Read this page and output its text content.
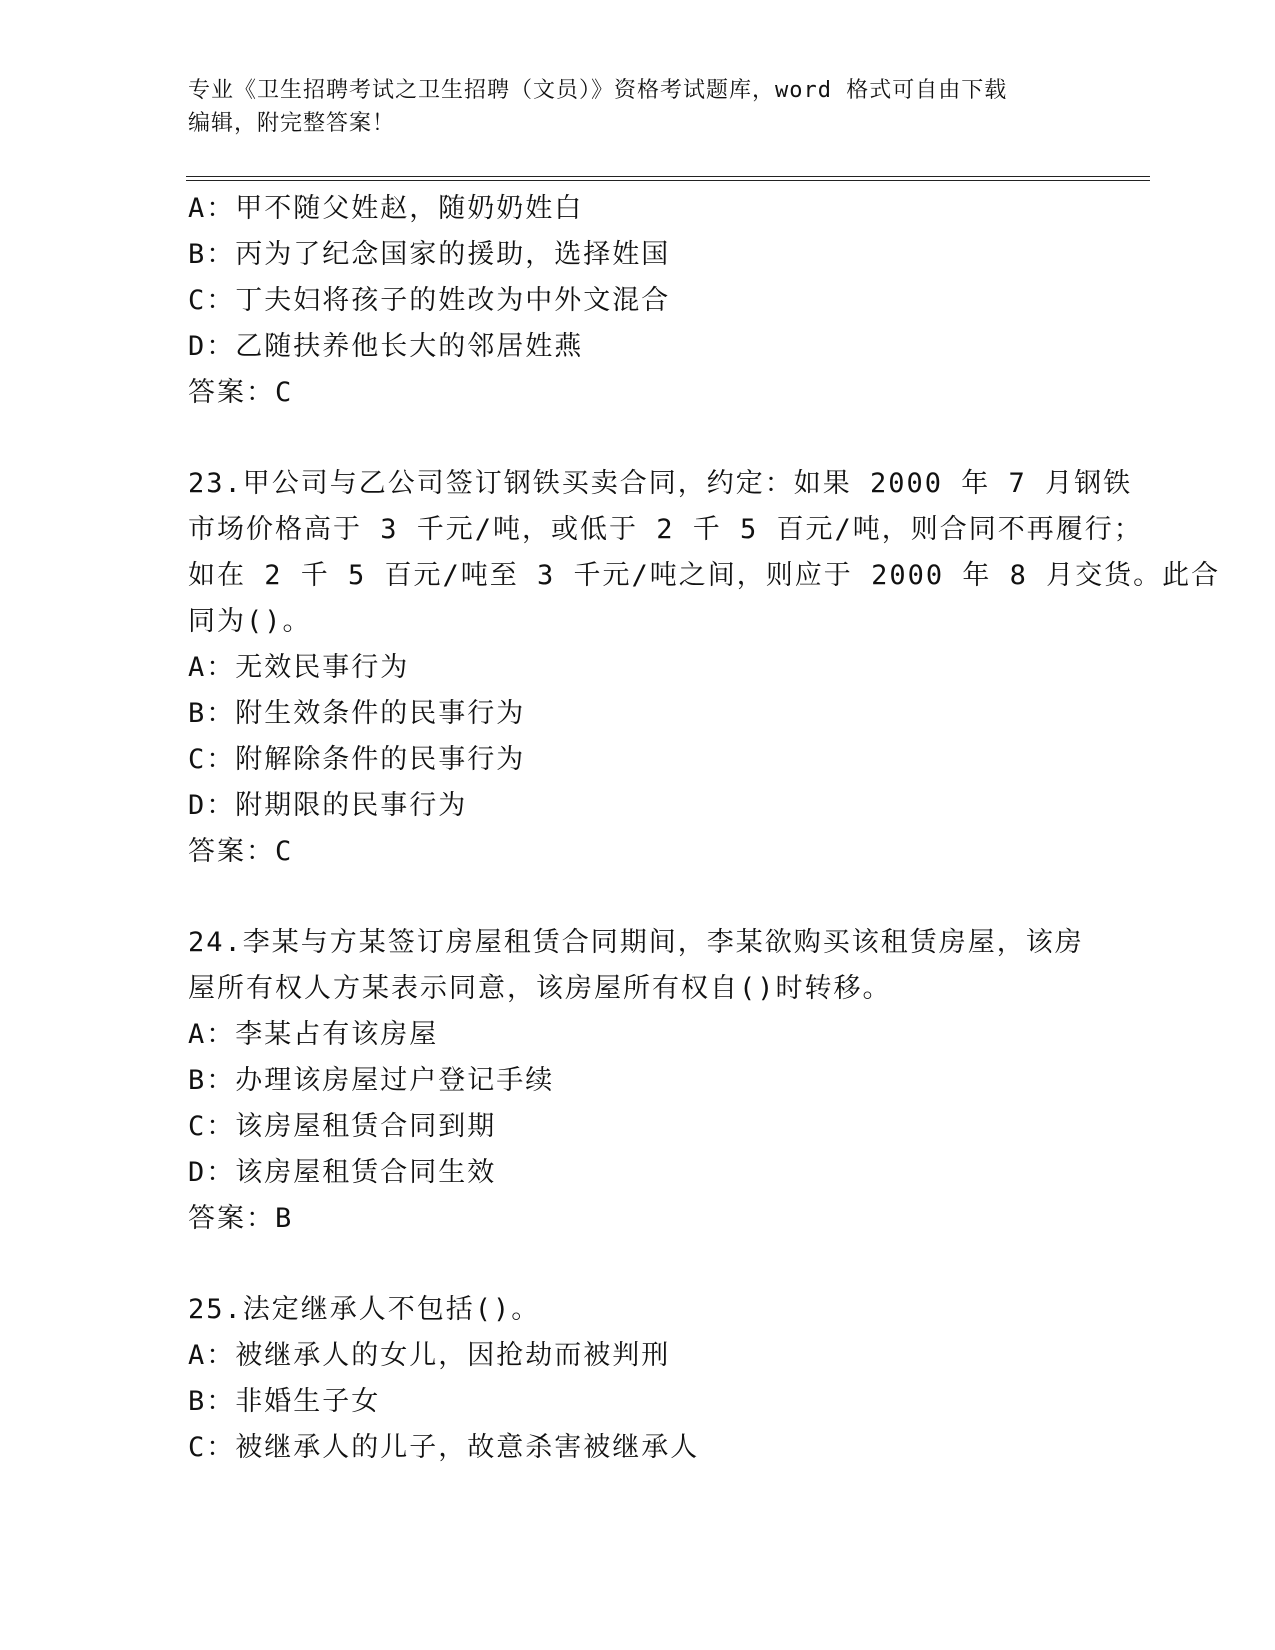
专业《卫生招聘考试之卫生招聘（文员）》资格考试题库，word 格式可自由下载
编辑，附完整答案！
A：甲不随父姓赵，随奶奶姓白
B：丙为了纪念国家的援助，选择姓国
C：丁夫妇将孩子的姓改为中外文混合
D：乙随扶养他长大的邻居姓燕
答案：C
23.甲公司与乙公司签订钢铁买卖合同，约定：如果 2000 年 7 月钢铁
市场价格高于 3 千元/吨，或低于 2 千 5 百元/吨，则合同不再履行；
如在 2 千 5 百元/吨至 3 千元/吨之间，则应于 2000 年 8 月交货。此合
同为()。
A：无效民事行为
B：附生效条件的民事行为
C：附解除条件的民事行为
D：附期限的民事行为
答案：C
24.李某与方某签订房屋租赁合同期间，李某欲购买该租赁房屋，该房
屋所有权人方某表示同意，该房屋所有权自()时转移。
A：李某占有该房屋
B：办理该房屋过户登记手续
C：该房屋租赁合同到期
D：该房屋租赁合同生效
答案：B
25.法定继承人不包括()。
A：被继承人的女儿，因抢劫而被判刑
B：非婚生子女
C：被继承人的儿子，故意杀害被继承人
